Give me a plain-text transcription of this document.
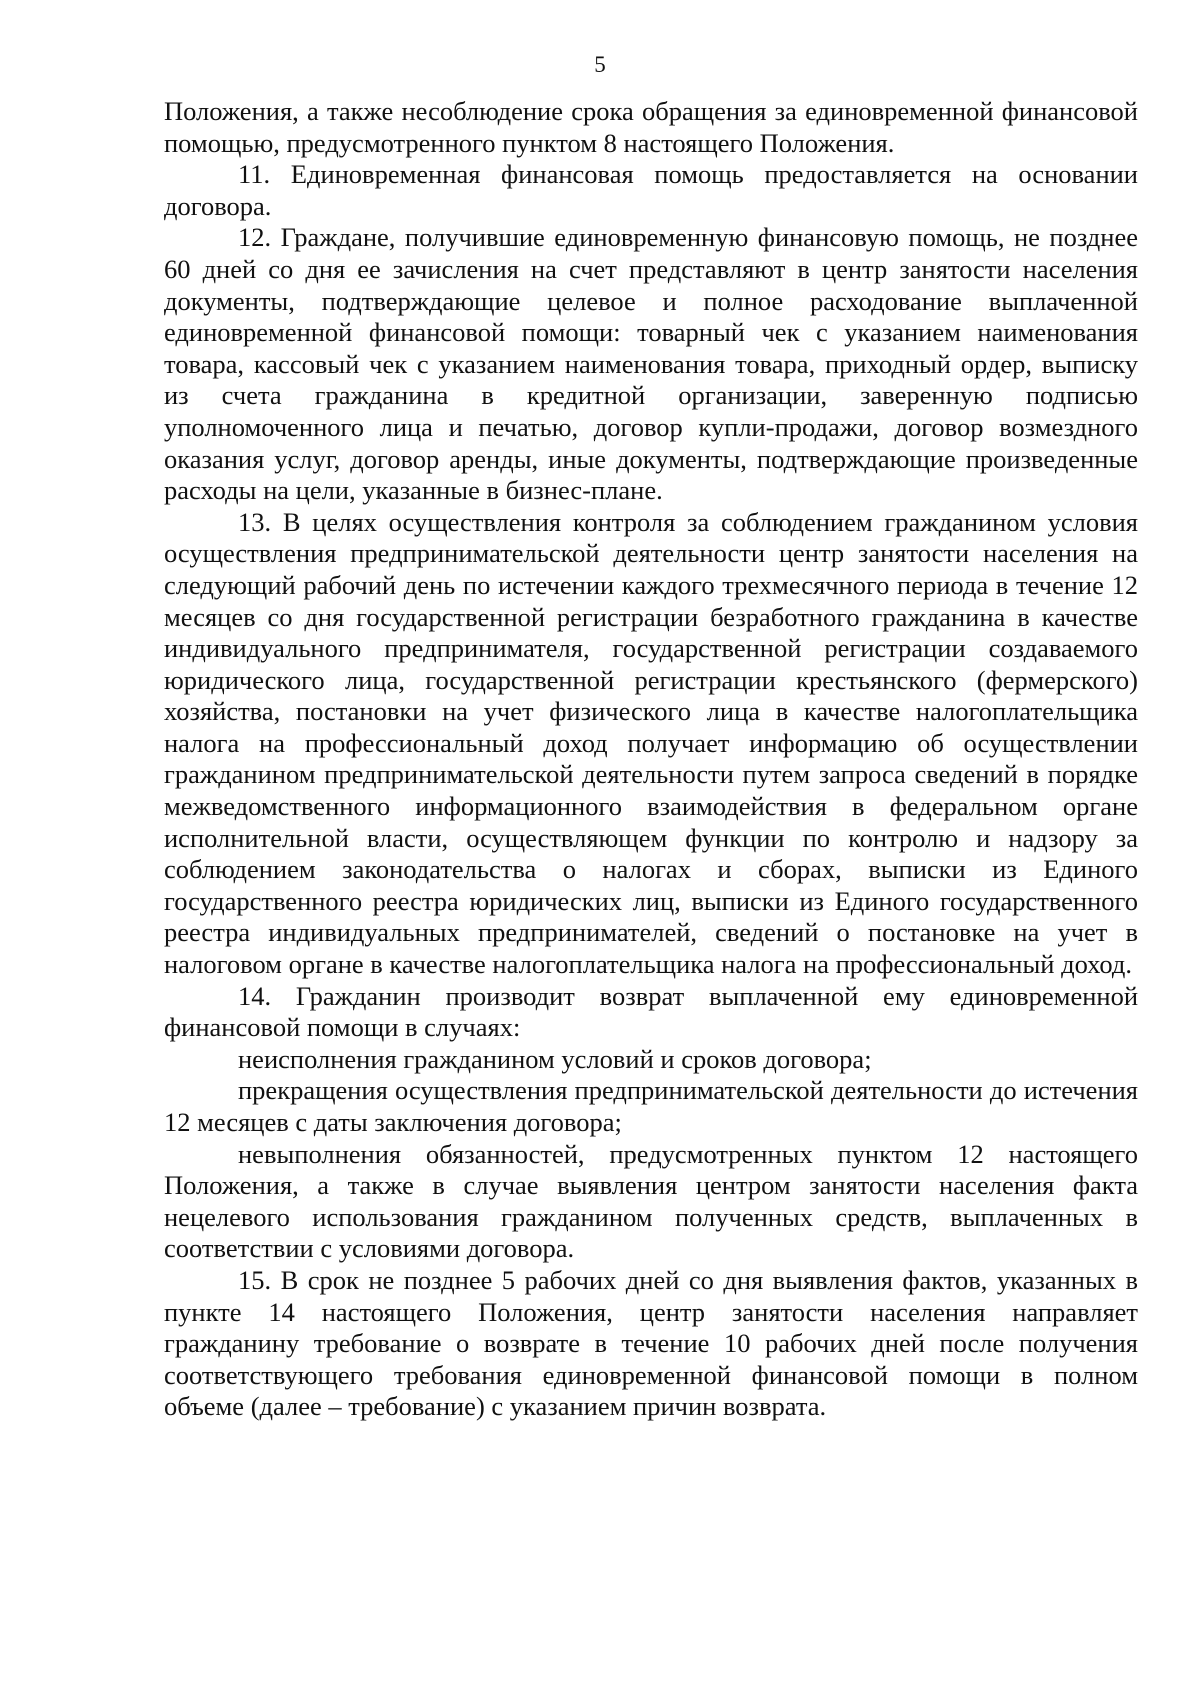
5

Положения, а также несоблюдение срока обращения за единовременной финансовой помощью, предусмотренного пунктом 8 настоящего Положения.

11. Единовременная финансовая помощь предоставляется на основании договора.

12. Граждане, получившие единовременную финансовую помощь, не позднее 60 дней со дня ее зачисления на счет представляют в центр занятости населения документы, подтверждающие целевое и полное расходование выплаченной единовременной финансовой помощи: товарный чек с указанием наименования товара, кассовый чек с указанием наименования товара, приходный ордер, выписку из счета гражданина в кредитной организации, заверенную подписью уполномоченного лица и печатью, договор купли-продажи, договор возмездного оказания услуг, договор аренды, иные документы, подтверждающие произведенные расходы на цели, указанные в бизнес-плане.

13. В целях осуществления контроля за соблюдением гражданином условия осуществления предпринимательской деятельности центр занятости населения на следующий рабочий день по истечении каждого трехмесячного периода в течение 12 месяцев со дня государственной регистрации безработного гражданина в качестве индивидуального предпринимателя, государственной регистрации создаваемого юридического лица, государственной регистрации крестьянского (фермерского) хозяйства, постановки на учет физического лица в качестве налогоплательщика налога на профессиональный доход получает информацию об осуществлении гражданином предпринимательской деятельности путем запроса сведений в порядке межведомственного информационного взаимодействия в федеральном органе исполнительной власти, осуществляющем функции по контролю и надзору за соблюдением законодательства о налогах и сборах, выписки из Единого государственного реестра юридических лиц, выписки из Единого государственного реестра индивидуальных предпринимателей, сведений о постановке на учет в налоговом органе в качестве налогоплательщика налога на профессиональный доход.

14. Гражданин производит возврат выплаченной ему единовременной финансовой помощи в случаях:

неисполнения гражданином условий и сроков договора;

прекращения осуществления предпринимательской деятельности до истечения 12 месяцев с даты заключения договора;

невыполнения обязанностей, предусмотренных пунктом 12 настоящего Положения, а также в случае выявления центром занятости населения факта нецелевого использования гражданином полученных средств, выплаченных в соответствии с условиями договора.

15. В срок не позднее 5 рабочих дней со дня выявления фактов, указанных в пункте 14 настоящего Положения, центр занятости населения направляет гражданину требование о возврате в течение 10 рабочих дней после получения соответствующего требования единовременной финансовой помощи в полном объеме (далее – требование) с указанием причин возврата.
